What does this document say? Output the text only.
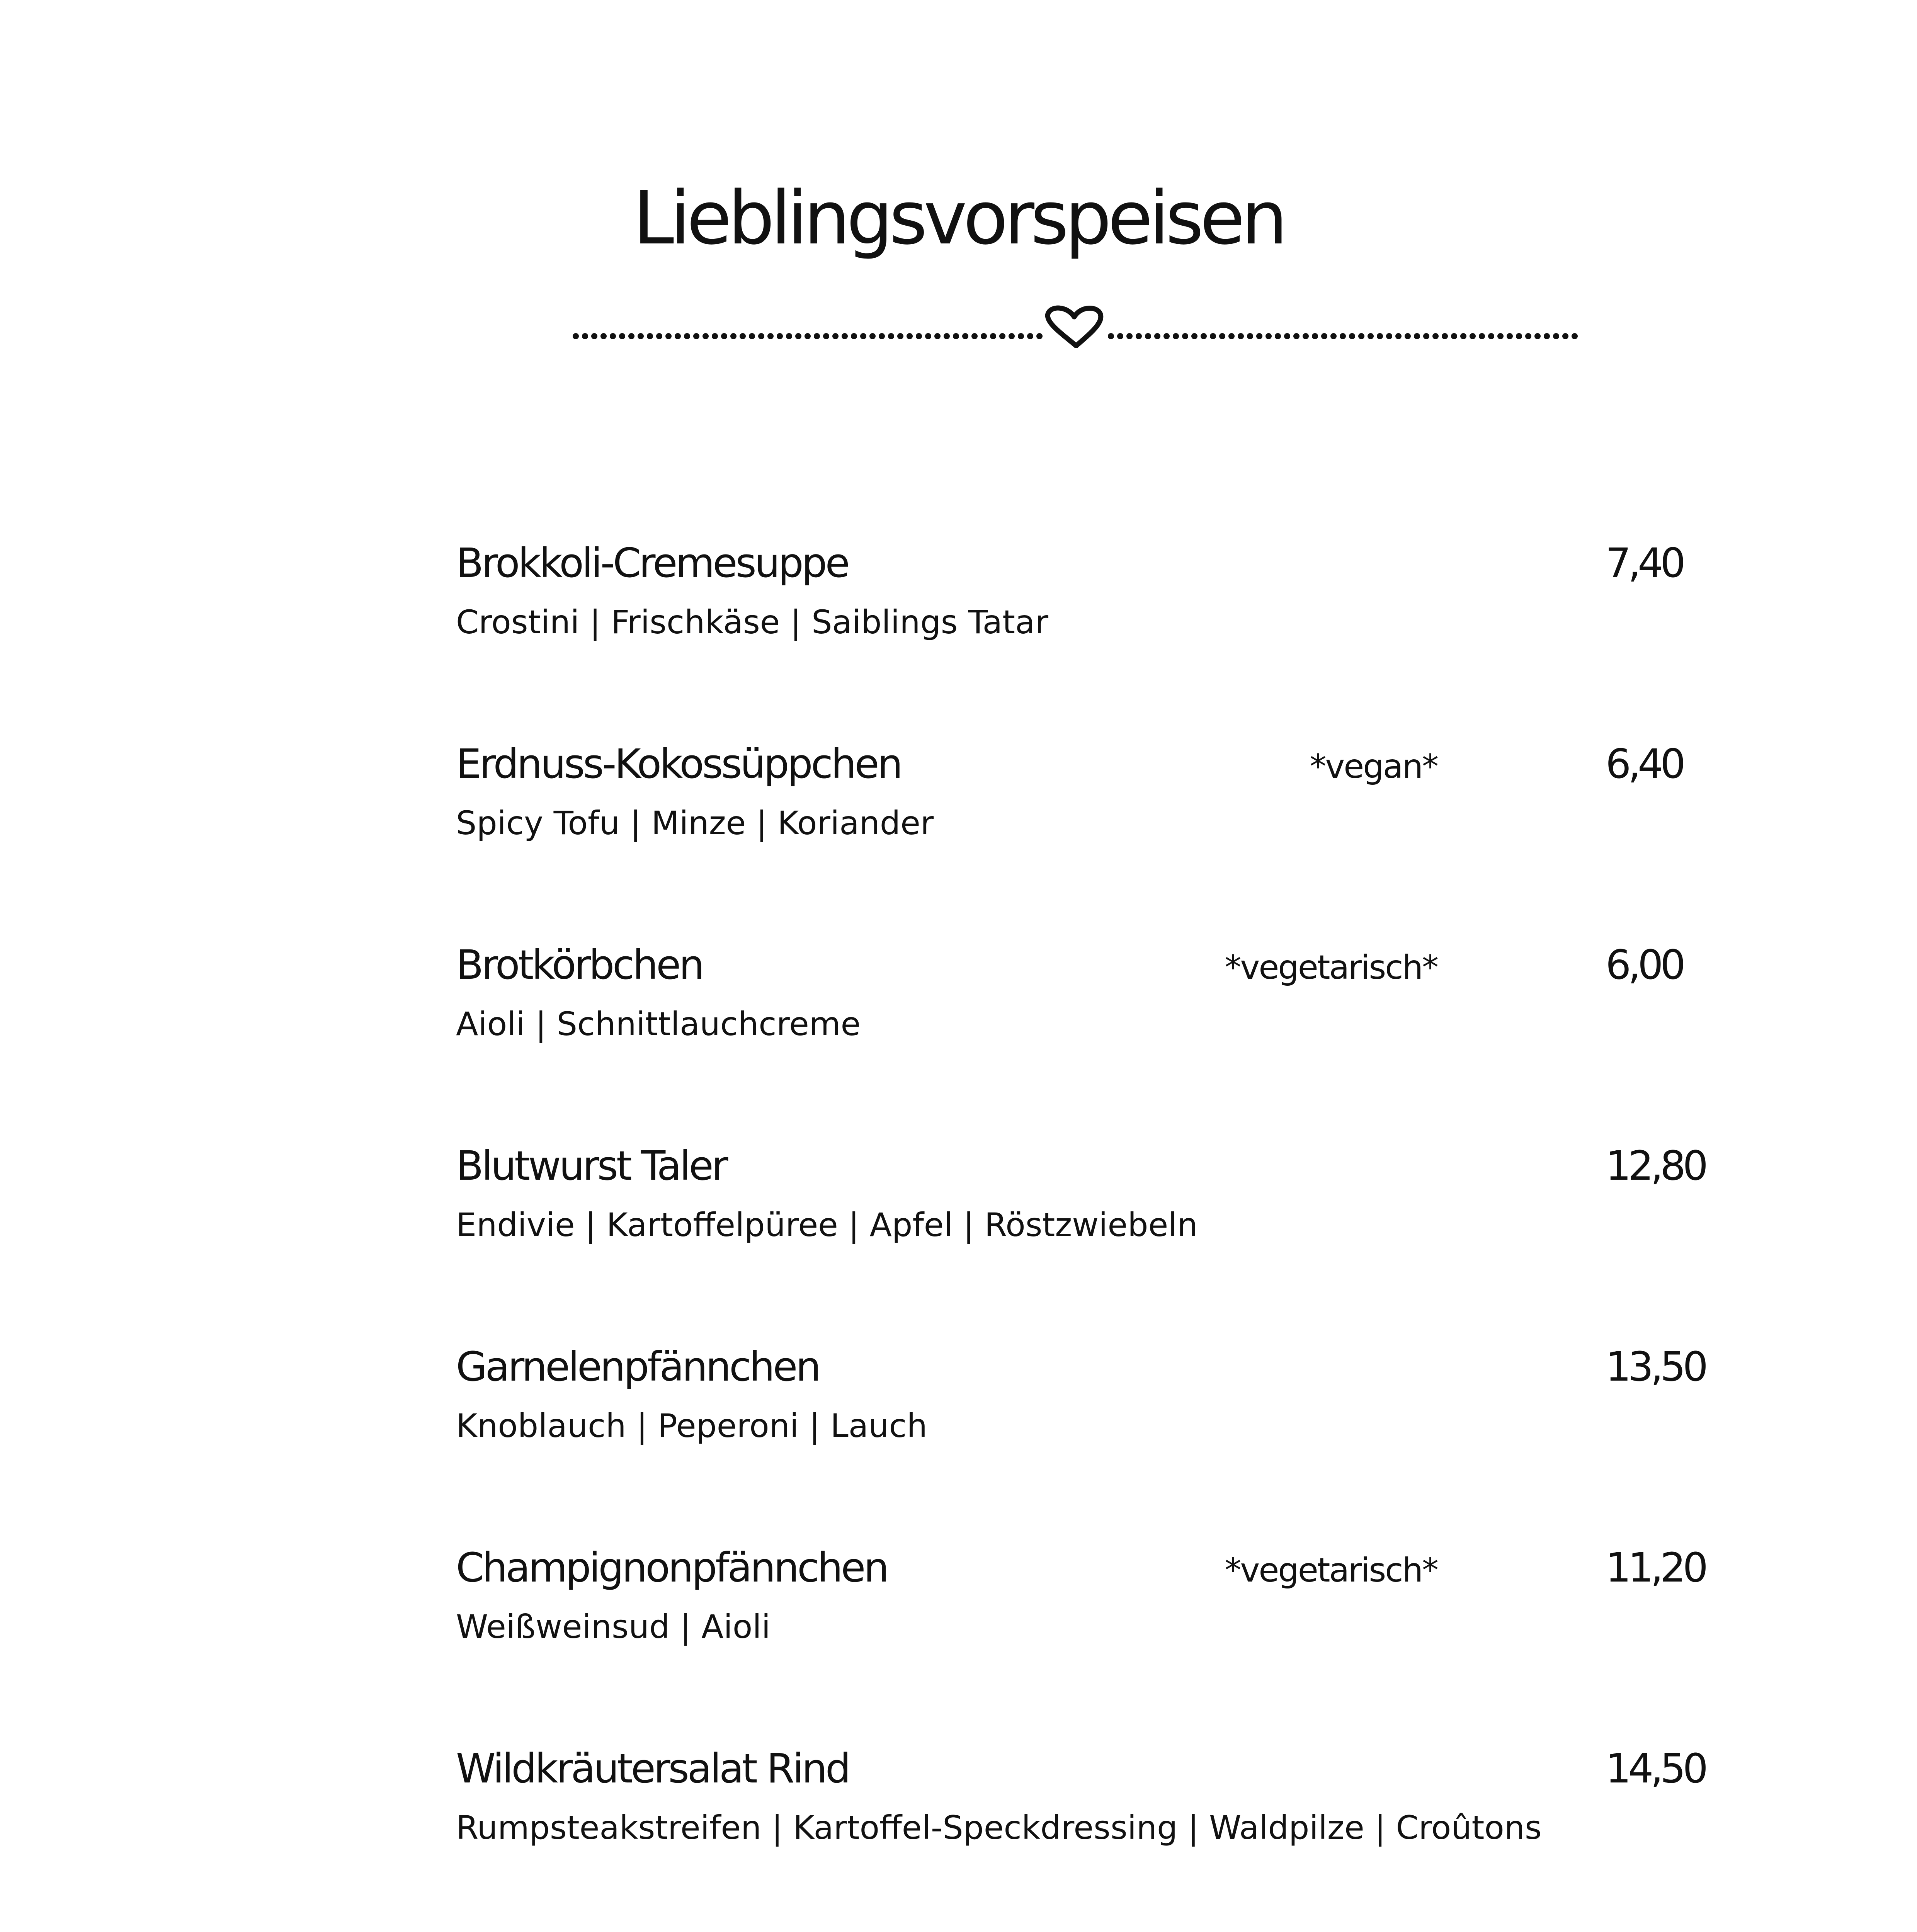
Lieblingsvorspeisen
Brokkoli-Cremesuppe	7,40
Crostini | Frischkäse | Saiblings Tatar
Erdnuss-Kokossüppchen	*vegan*	6,40
Spicy Tofu | Minze | Koriander
Brotkörbchen	*vegetarisch*	6,00
Aioli | Schnittlauchcreme
Blutwurst Taler	12,80
Endivie | Kartoffelpüree | Apfel | Röstzwiebeln
Garnelenpfännchen	13,50
Knoblauch | Peperoni | Lauch
Champignonpfännchen	*vegetarisch*	11,20
Weißweinsud | Aioli
Wildkräutersalat Rind	14,50
Rumpsteakstreifen | Kartoffel-Speckdressing | Waldpilze | Croûtons
